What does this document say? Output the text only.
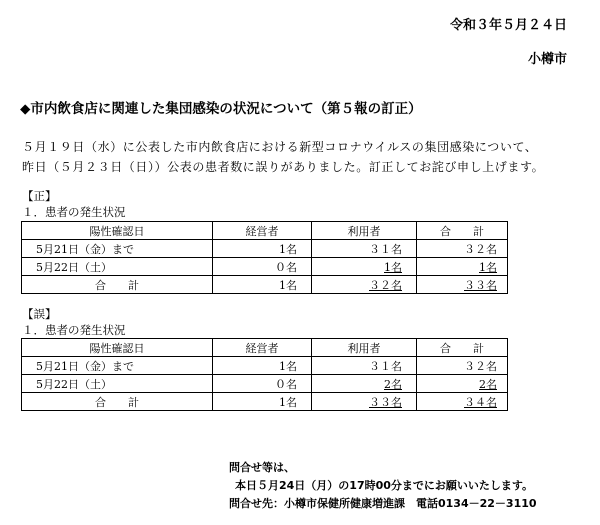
令和３年５月２４日
小樽市
◆市内飲食店に関連した集団感染の状況について（第５報の訂正）
５月１９日（水）に公表した市内飲食店における新型コロナウイルスの集団感染について、
昨日（５月２３日（日））公表の患者数に誤りがありました。訂正してお詫び申し上げます。
【正】
１．患者の発生状況
陽性確認日	経営者	利用者	合　　計
5月21日（金）まで	1名	３１名	３２名
5月22日（土）	０名	1名	1名
合　　計	1名	３２名	３３名
【誤】
１．患者の発生状況
陽性確認日	経営者	利用者	合　　計
5月21日（金）まで	1名	３１名	３２名
5月22日（土）	０名	2名	2名
合　　計	1名	３３名	３４名
問合せ等は、
本日５月24日（月）の17時00分までにお願いいたします。
問合せ先：小樽市保健所健康増進課　電話0134－22－3110
